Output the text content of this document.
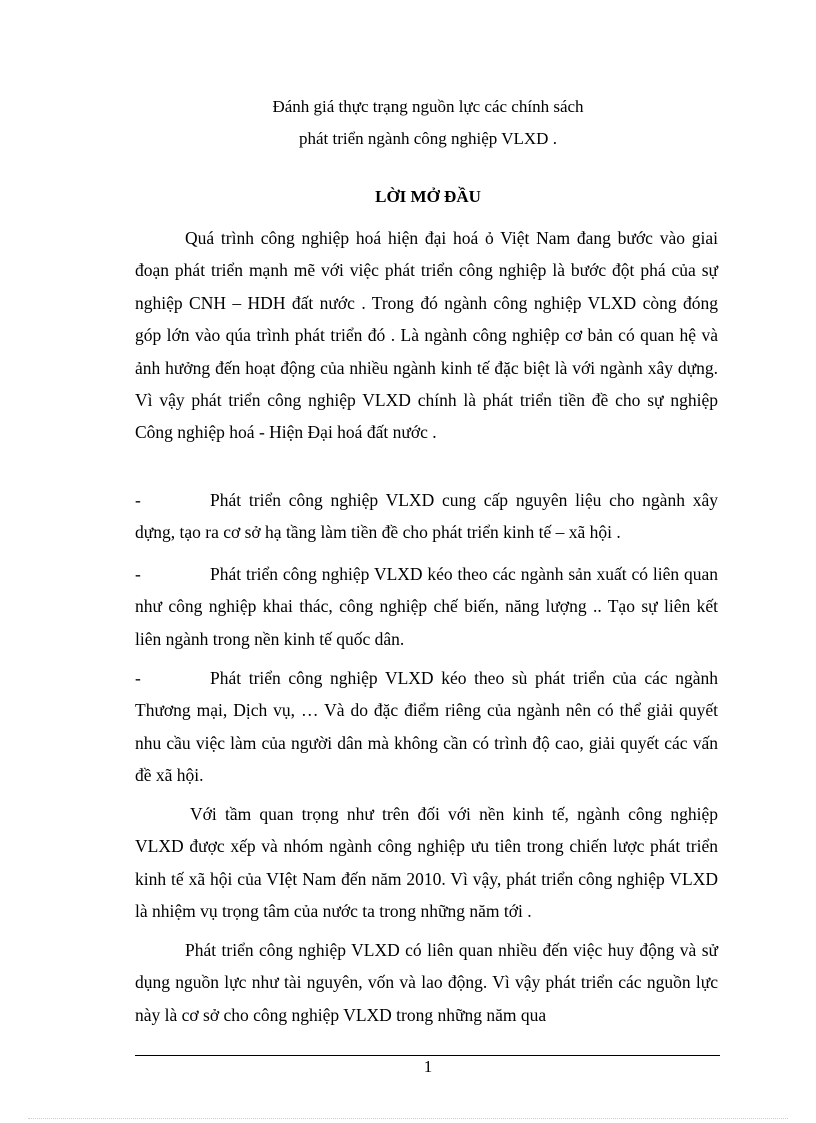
Đánh giá thực trạng nguồn lực các chính sách
phát triển ngành công nghiệp VLXD .
LỜI MỞ ĐẦU

Quá trình công nghiệp hoá hiện đại hoá ỏ Việt Nam đang bước vào giai đoạn phát triển mạnh mẽ với việc phát triển công nghiệp là bước đột phá của sự nghiệp CNH – HDH đất nước . Trong đó ngành công nghiệp VLXD còng đóng góp lớn vào qúa trình phát triển đó . Là ngành công nghiệp cơ bản có quan hệ và ảnh hưởng đến hoạt động của nhiều ngành kinh tế đặc biệt là với ngành xây dựng. Vì vậy phát triển công nghiệp VLXD chính là phát triển tiền đề cho sự nghiệp Công nghiệp hoá - Hiện Đại hoá đất nước .

-	Phát triển công nghiệp VLXD cung cấp nguyên liệu cho ngành xây dựng, tạo ra cơ sở hạ tầng làm tiền đề cho phát triển kinh tế – xã hội .

-	Phát triển công nghiệp VLXD kéo theo các ngành sản xuất có liên quan như công nghiệp khai thác, công nghiệp chế biến, năng lượng .. Tạo sự liên kết liên ngành trong nền kinh tế quốc dân.

-	Phát triển công nghiệp VLXD kéo theo sù phát triển của các ngành Thương mại, Dịch vụ, … Và do đặc điểm riêng của ngành nên có thể giải quyết nhu cầu việc làm của người dân mà không cần có trình độ cao, giải quyết các vấn đề xã hội.

Với tầm quan trọng như trên đối với nền kinh tế, ngành công nghiệp VLXD được xếp và nhóm ngành công nghiệp ưu tiên trong chiến lược phát triển kinh tế xã hội của VIệt Nam đến năm 2010. Vì vậy, phát triển công nghiệp VLXD là nhiệm vụ trọng tâm của nước ta trong những năm tới .

Phát triển công nghiệp VLXD có liên quan nhiều đến việc huy động và sử dụng nguồn lực như tài nguyên, vốn và lao động. Vì vậy phát triển các nguồn lực này là cơ sở cho công nghiệp VLXD trong những năm qua

1
